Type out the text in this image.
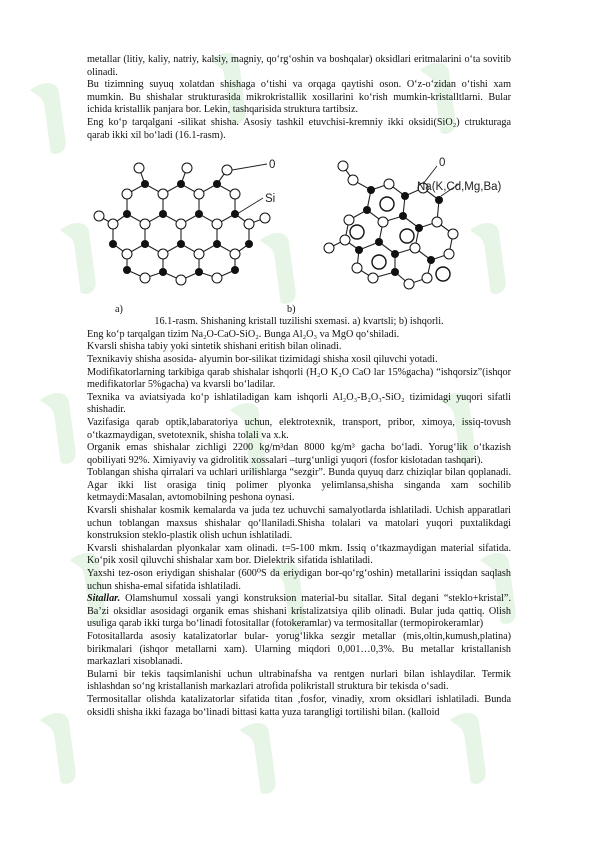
metallar (litiy, kaliy, natriy, kalsiy, magniy, qo‘rg‘oshin va boshqalar) oksidlari eritmalarini o‘ta sovitib olinadi.

Bu tizimning suyuq xolatdan shishaga o‘tishi va orqaga qaytishi oson. O‘z-o‘zidan o‘tishi xam mumkin. Bu shishalar strukturasida mikrokristallik xosillarini ko‘rish mumkin-kristalltlarni. Bular ichida kristallik panjara bor. Lekin, tashqarisida struktura tartibsiz.

Eng ko‘p tarqalgani -silikat shisha. Asosiy tashkil etuvchisi-kremniy ikki oksidi(SiO₂) ctrukturaga qarab ikki xil bo‘ladi (16.1-rasm).

0
Si
0
Na(K,Cd,Mg,Ba)
a)	b)

16.1-rasm. Shishaning kristall tuzilishi sxemasi. a) kvartsli; b) ishqorli.

Eng ko‘p tarqalgan tizim Na₂O-CaO-SiO₂. Bunga Al₂O₃ va MgO qo‘shiladi.

Kvarsli shisha tabiy yoki sintetik shishani eritish bilan olinadi.

Texnikaviy shisha asosida- alyumin bor-silikat tizimidagi shisha xosil qiluvchi yotadi.

Modifikatorlarning tarkibiga qarab shishalar ishqorli (H₂O K₂O CaO lar 15%gacha) “ishqorsiz”(ishqor medifikatorlar 5%gacha) va kvarsli bo‘ladilar.

Texnika va aviatsiyada ko‘p ishlatiladigan kam ishqorli Al₂O₃-B₂O₃-SiO₂ tizimidagi yuqori sifatli shishadir.

Vazifasiga qarab optik,labaratoriya uchun, elektrotexnik, transport, pribor, ximoya, issiq-tovush o‘tkazmaydigan, svetotexnik, shisha tolali va x.k.

Organik emas shishalar zichligi 2200 kg/m³dan 8000 kg/m³ gacha bo‘ladi. Yorug‘lik o‘tkazish qobiliyati 92%. Ximiyaviy va gidrolitik xossalari –turg‘unligi yuqori (fosfor kislotadan tashqari).

Toblangan shisha qirralari va uchlari urilishlarga “sezgir”. Bunda quyuq darz chiziqlar bilan qoplanadi. Agar ikki list orasiga tiniq polimer plyonka yelimlansa,shisha singanda xam sochilib ketmaydi:Masalan, avtomobilning peshona oynasi.

Kvarsli shishalar kosmik kemalarda va juda tez uchuvchi samalyotlarda ishlatiladi. Uchish apparatlari uchun toblangan maxsus shishalar qo‘llaniladi.Shisha tolalari va matolari yuqori puxtalikdagi konstruksion steklo-plastik olish uchun ishlatiladi.

Kvarsli shishalardan plyonkalar xam olinadi. t=5-100 mkm. Issiq o‘tkazmaydigan material sifatida. Ko‘pik xosil qiluvchi shishalar xam bor. Dielektrik sifatida ishlatiladi.

Yaxshi tez-oson eriydigan shishalar (600⁰S da eriydigan bor-qo‘rg‘oshin) metallarini issiqdan saqlash uchun shisha-emal sifatida ishlatiladi.

Sitallar. Olamshumul xossali yangi konstruksion material-bu sitallar. Sital degani “steklo+kristal”. Ba’zi oksidlar asosidagi organik emas shishani kristalizatsiya qilib olinadi. Bular juda qattiq. Olish usuliga qarab ikki turga bo‘linadi fotositallar (fotokeramlar) va termositallar (termopirokeramlar)

Fotositallarda asosiy katalizatorlar bular- yorug‘likka sezgir metallar (mis,oltin,kumush,platina) birikmalari (ishqor metallarni xam). Ularning miqdori 0,001…0,3%. Bu metallar kristallanish markazlari xisoblanadi.

Bularni bir tekis taqsimlanishi uchun ultrabinafsha va rentgen nurlari bilan ishlaydilar. Termik ishlashdan so‘ng kristallanish markazlari atrofida polikristall struktura bir tekisda o‘sadi.

Termositallar olishda katalizatorlar sifatida titan ,fosfor, vinadiy, xrom oksidlari ishlatiladi. Bunda oksidli shisha ikki fazaga bo‘linadi bittasi katta yuza tarangligi tortilishi bilan. (kalloid
